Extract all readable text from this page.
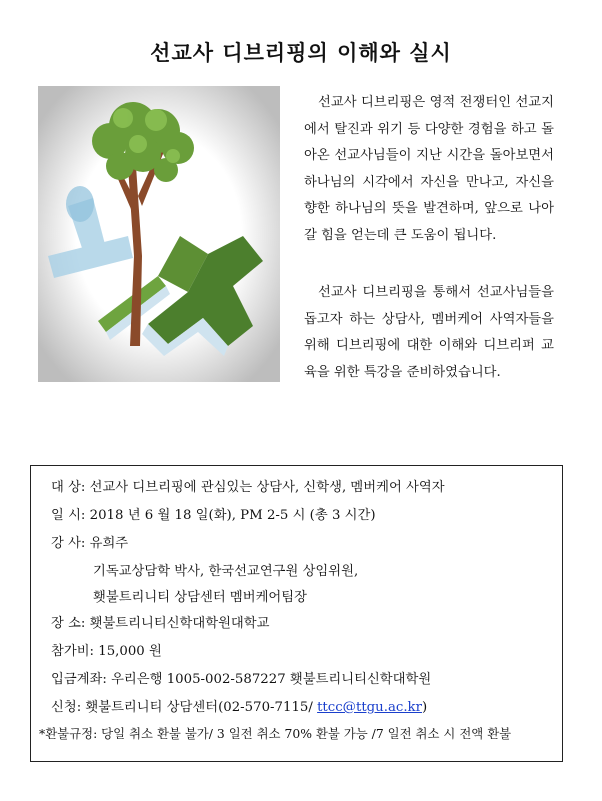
선교사 디브리핑의 이해와 실시
선교사 디브리핑은 영적 전쟁터인 선교지에서 탈진과 위기 등 다양한 경험을 하고 돌아온 선교사님들이 지난 시간을 돌아보면서 하나님의 시각에서 자신을 만나고, 자신을 향한 하나님의 뜻을 발견하며, 앞으로 나아갈 힘을 얻는데 큰 도움이 됩니다.
선교사 디브리핑을 통해서 선교사님들을 돕고자 하는 상담사, 멤버케어 사역자들을 위해 디브리핑에 대한 이해와 디브리퍼 교육을 위한 특강을 준비하였습니다.
대 상: 선교사 디브리핑에 관심있는 상담사, 신학생, 멤버케어 사역자
일 시: 2018 년 6 월 18 일(화), PM 2-5 시 (총 3 시간)
강 사: 유희주
기독교상담학 박사, 한국선교연구원 상임위원,
횃불트리니티 상담센터 멤버케어팀장
장 소: 횃불트리니티신학대학원대학교
참가비: 15,000 원
입금계좌: 우리은행 1005-002-587227 횃불트리니티신학대학원
신청: 횃불트리니티 상담센터(02-570-7115/ ttcc@ttgu.ac.kr)
*환불규정: 당일 취소 환불 불가/ 3 일전 취소 70% 환불 가능 /7 일전 취소 시 전액 환불
